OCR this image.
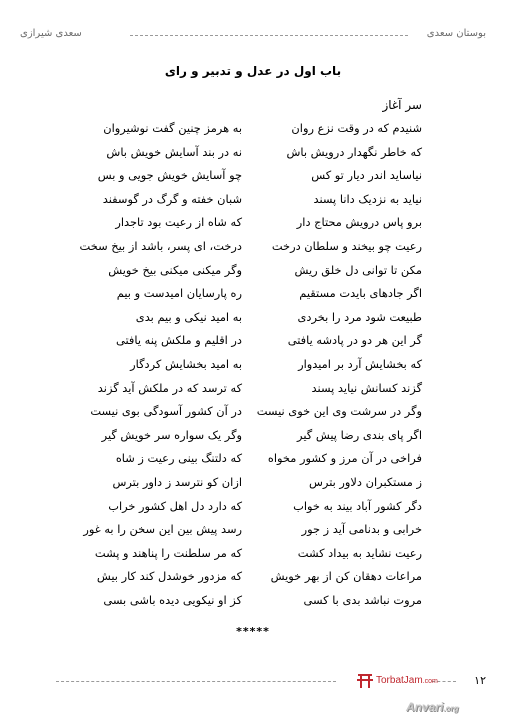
بوستان سعدی
سعدی شیرازی
باب اول در عدل و تدبیر و رای
سر آغاز
شنیدم که در وقت نزع روان
به هرمز چنین گفت نوشیروان
که خاطر نگهدار درویش باش
نه در بند آسایش خویش باش
نیاساید اندر دیار تو کس
چو آسایش خویش جویی و بس
نیاید به نزدیک دانا پسند
شبان خفته و گرگ در گوسفند
برو پاس درویش محتاج دار
که شاه از رعیت بود تاجدار
رعیت چو بیخند و سلطان درخت
درخت، ای پسر، باشد از بیخ سخت
مکن تا توانی دل خلق ریش
وگر میکنی میکنی بیخ خویش
اگر جادهای بایدت مستقیم
ره پارسایان امیدست و بیم
طبیعت شود مرد را بخردی
به امید نیکی و بیم بدی
گر این هر دو در پادشه یافتی
در اقلیم و ملکش پنه یافتی
که بخشایش آرد بر امیدوار
به امید بخشایش کردگار
گزند کسانش نیاید پسند
که ترسد که در ملکش آید گزند
وگر در سرشت وی این خوی نیست
در آن کشور آسودگی بوی نیست
اگر پای بندی رضا پیش گیر
وگر یک سواره سر خویش گیر
فراخی در آن مرز و کشور مخواه
که دلتنگ بینی رعیت ز شاه
ز مستکبران دلاور بترس
ازان کو نترسد ز داور بترس
دگر کشور آباد بیند به خواب
که دارد دل اهل کشور خراب
خرابی و بدنامی آید ز جور
رسد پیش بین این سخن را به غور
رعیت نشاید به بیداد کشت
که مر سلطنت را پناهند و پشت
مراعات دهقان کن از بهر خویش
که مزدور خوشدل کند کار بیش
مروت نباشد بدی با کسی
کز او نیکویی دیده باشی بسی
*****
۱۲
TorbatJam.com
Anvari.org
